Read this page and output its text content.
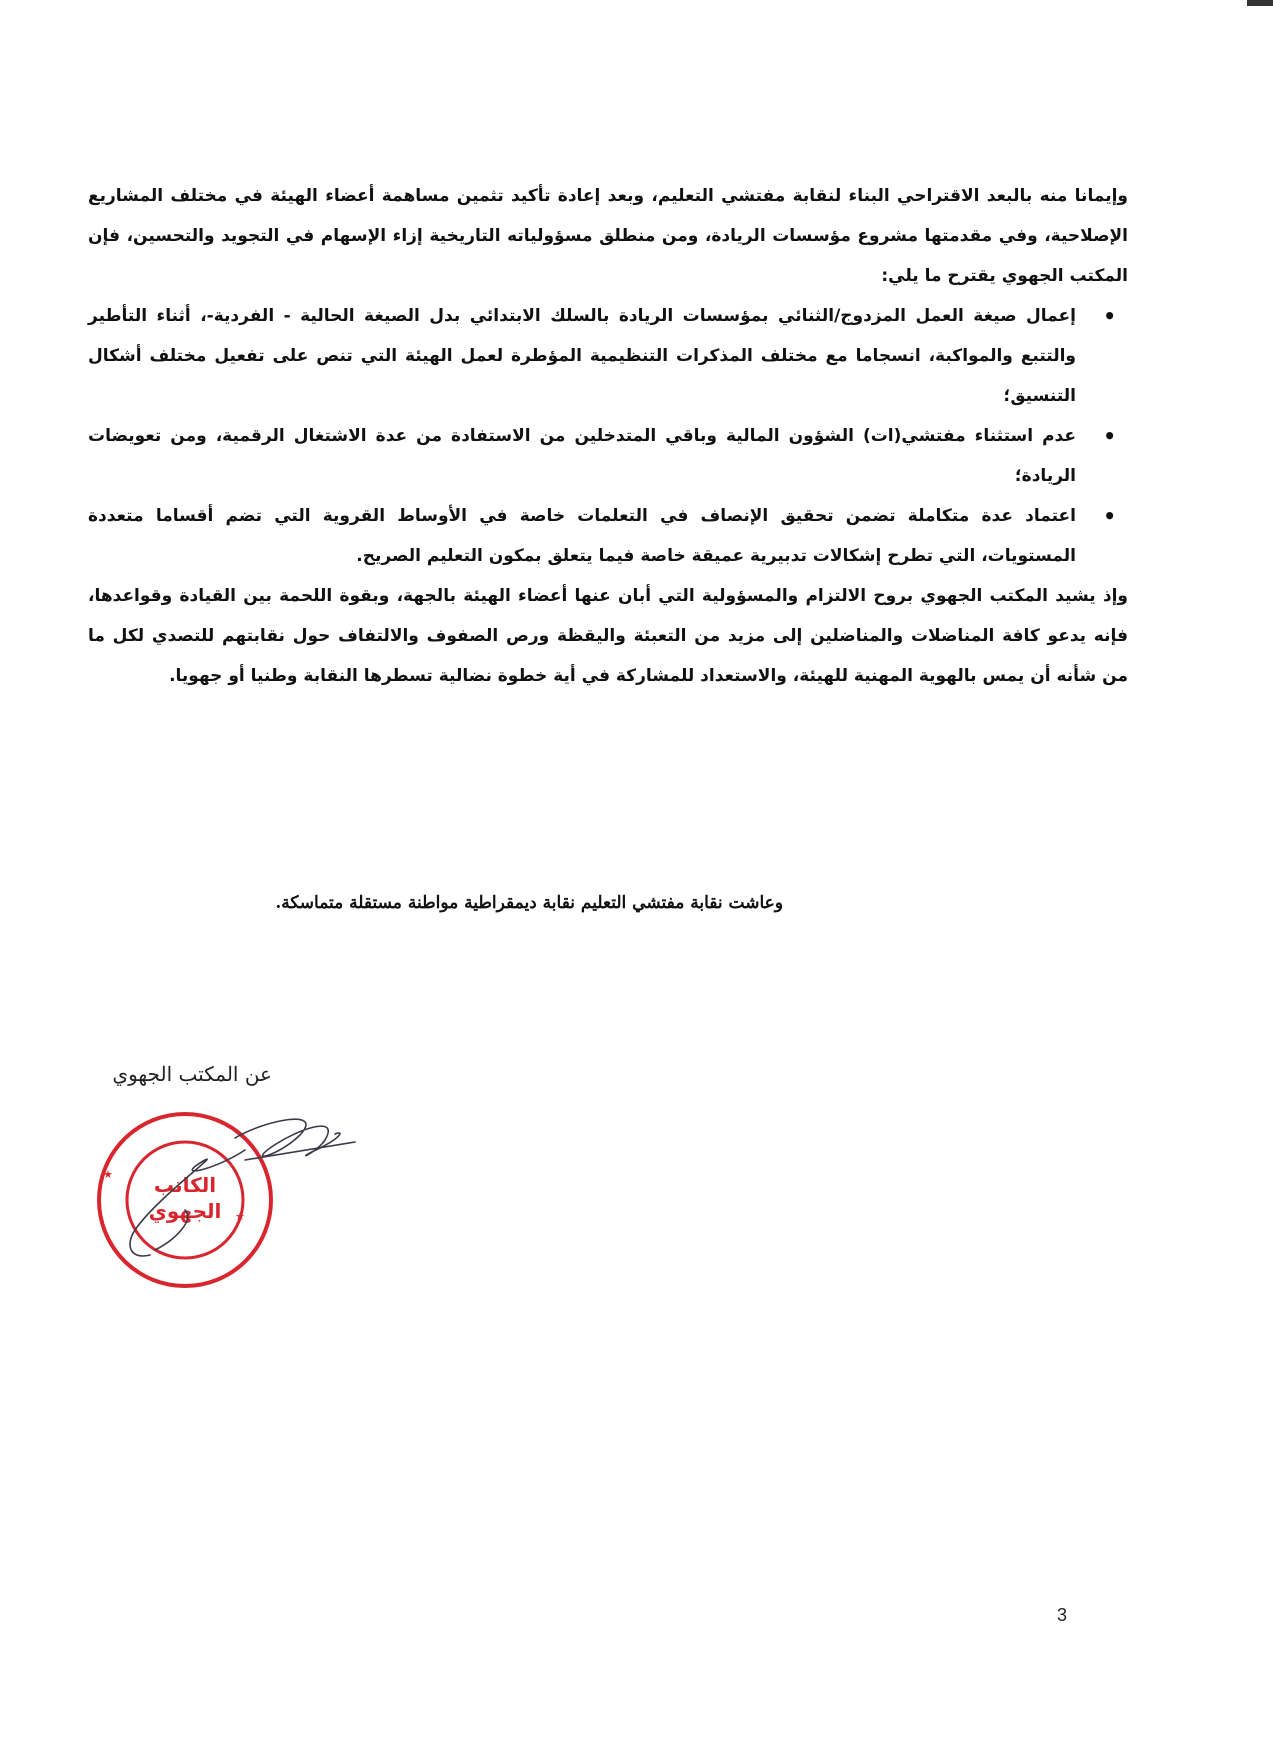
وإيمانا منه بالبعد الاقتراحي البناء لنقابة مفتشي التعليم، وبعد إعادة تأكيد تثمين مساهمة أعضاء الهيئة في مختلف المشاريع الإصلاحية، وفي مقدمتها مشروع مؤسسات الريادة، ومن منطلق مسؤولياته التاريخية إزاء الإسهام في التجويد والتحسين، فإن المكتب الجهوي يقترح ما يلي:

•
إعمال صيغة العمل المزدوج/الثنائي بمؤسسات الريادة بالسلك الابتدائي بدل الصيغة الحالية - الفردية-، أثناء التأطير والتتبع والمواكبة، انسجاما مع مختلف المذكرات التنظيمية المؤطرة لعمل الهيئة التي تنص على تفعيل مختلف أشكال التنسيق؛
•
عدم استثناء مفتشي(ات) الشؤون المالية وباقي المتدخلين من الاستفادة من عدة الاشتغال الرقمية، ومن تعويضات الريادة؛
•
اعتماد عدة متكاملة تضمن تحقيق الإنصاف في التعلمات خاصة في الأوساط القروية التي تضم أقساما متعددة المستويات، التي تطرح إشكالات تدبيرية عميقة خاصة فيما يتعلق بمكون التعليم الصريح.

وإذ يشيد المكتب الجهوي بروح الالتزام والمسؤولية التي أبان عنها أعضاء الهيئة بالجهة، وبقوة اللحمة بين القيادة وقواعدها، فإنه يدعو كافة المناضلات والمناضلين إلى مزيد من التعبئة واليقظة ورص الصفوف والالتفاف حول نقابتهم للتصدي لكل ما من شأنه أن يمس بالهوية المهنية للهيئة، والاستعداد للمشاركة في أية خطوة نضالية تسطرها النقابة وطنيا أو جهويا.

وعاشت نقابة مفتشي التعليم نقابة ديمقراطية مواطنة مستقلة متماسكة.
عن المكتب الجهوي
الكاتب
الجهوي
★
★
3
